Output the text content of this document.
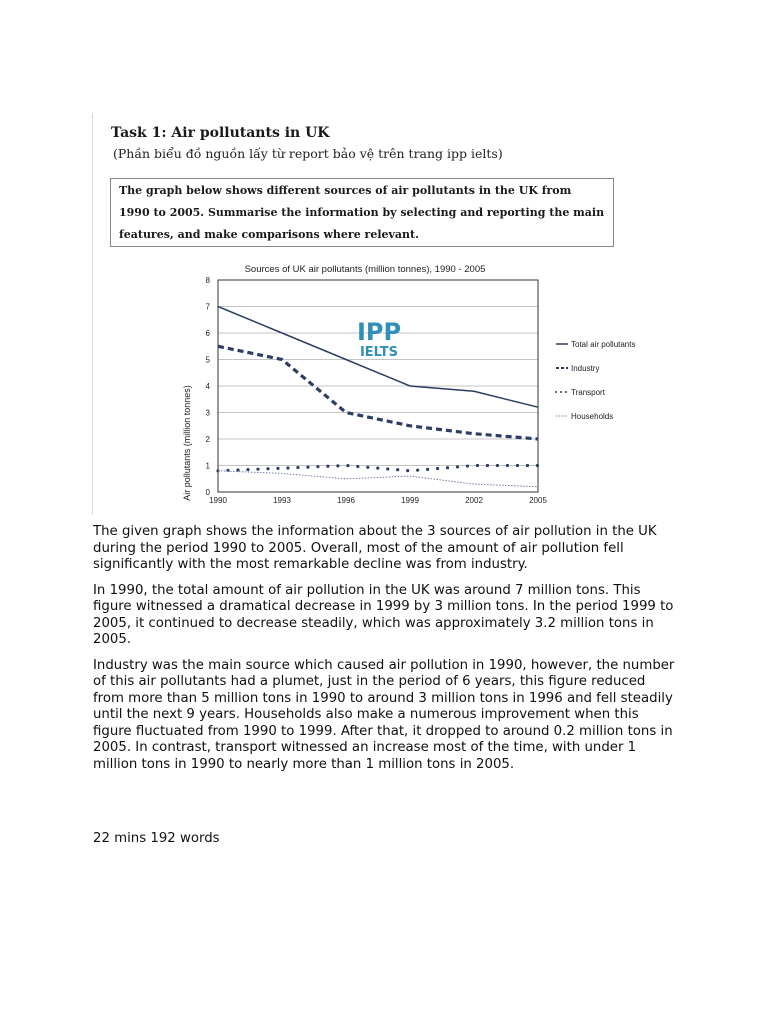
Task 1: Air pollutants in UK
(Phần biểu đồ nguồn lấy từ report bảo vệ trên trang ipp ielts)
The graph below shows different sources of air pollutants in the UK from 1990 to 2005. Summarise the information by selecting and reporting the main features, and make comparisons where relevant.
Sources of UK air pollutants (million tonnes), 1990 - 2005
Air pollutants (million tonnes) 0
1
2
3
4
5
6
7
8
1990	1993	1996	1999	2002	2005
IPP
IELTS
Total air pollutants
Industry
Transport
Households

The given graph shows the information about the 3 sources of air pollution in the UK during the period 1990 to 2005. Overall, most of the amount of air pollution fell significantly with the most remarkable decline was from industry.

In 1990, the total amount of air pollution in the UK was around 7 million tons. This figure witnessed a dramatical decrease in 1999 by 3 million tons. In the period 1999 to 2005, it continued to decrease steadily, which was approximately 3.2 million tons in 2005.

Industry was the main source which caused air pollution in 1990, however, the number of this air pollutants had a plumet, just in the period of 6 years, this figure reduced from more than 5 million tons in 1990 to around 3 million tons in 1996 and fell steadily until the next 9 years. Households also make a numerous improvement when this figure fluctuated from 1990 to 1999. After that, it dropped to around 0.2 million tons in 2005. In contrast, transport witnessed an increase most of the time, with under 1 million tons in 1990 to nearly more than 1 million tons in 2005.

22 mins 192 words
